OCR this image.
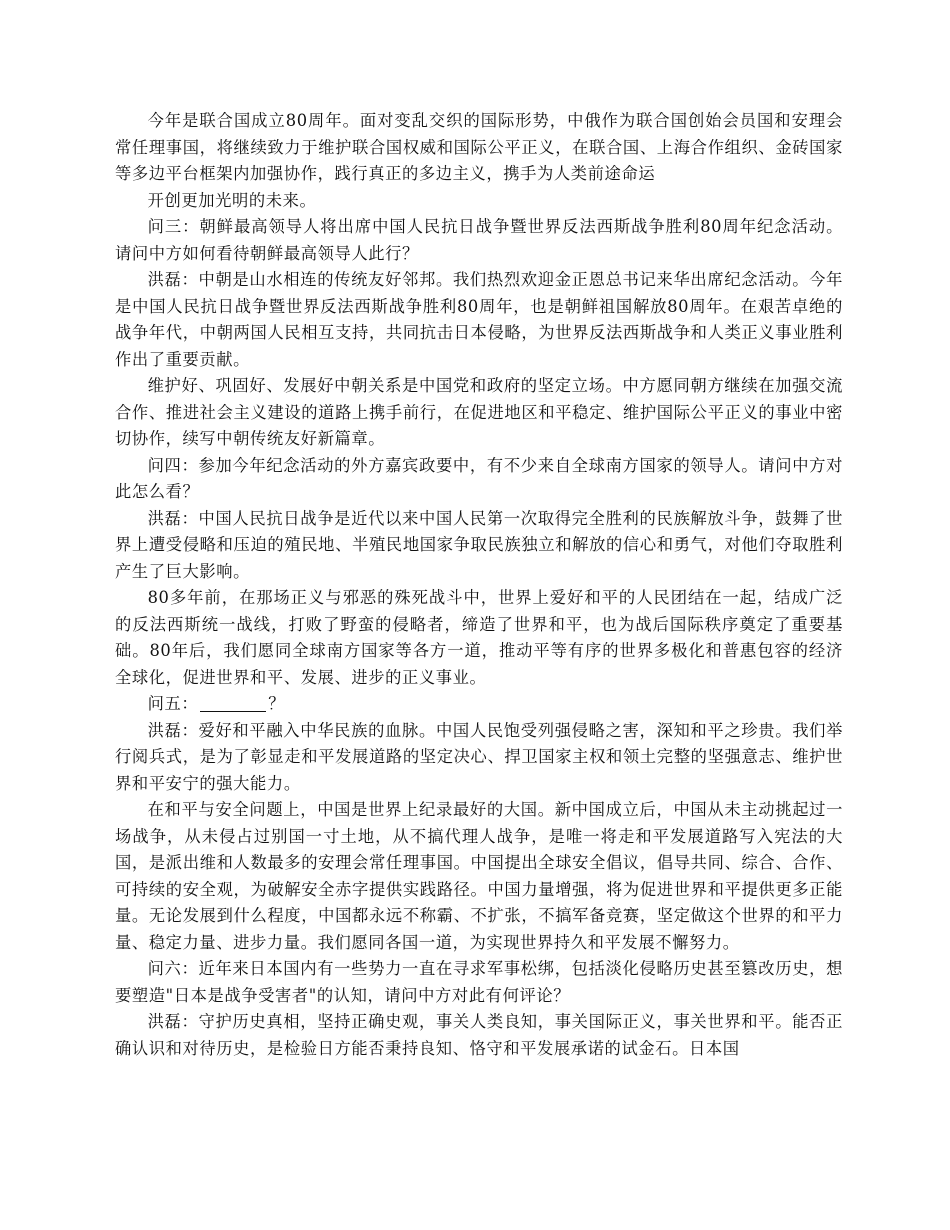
今年是联合国成立80周年。面对变乱交织的国际形势，中俄作为联合国创始会员国和安理会常任理事国，将继续致力于维护联合国权威和国际公平正义，在联合国、上海合作组织、金砖国家等多边平台框架内加强协作，践行真正的多边主义，携手为人类前途命运

开创更加光明的未来。

问三：朝鲜最高领导人将出席中国人民抗日战争暨世界反法西斯战争胜利80周年纪念活动。请问中方如何看待朝鲜最高领导人此行？

洪磊：中朝是山水相连的传统友好邻邦。我们热烈欢迎金正恩总书记来华出席纪念活动。今年是中国人民抗日战争暨世界反法西斯战争胜利80周年，也是朝鲜祖国解放80周年。在艰苦卓绝的战争年代，中朝两国人民相互支持，共同抗击日本侵略，为世界反法西斯战争和人类正义事业胜利作出了重要贡献。

维护好、巩固好、发展好中朝关系是中国党和政府的坚定立场。中方愿同朝方继续在加强交流合作、推进社会主义建设的道路上携手前行，在促进地区和平稳定、维护国际公平正义的事业中密切协作，续写中朝传统友好新篇章。

问四：参加今年纪念活动的外方嘉宾政要中，有不少来自全球南方国家的领导人。请问中方对此怎么看？

洪磊：中国人民抗日战争是近代以来中国人民第一次取得完全胜利的民族解放斗争，鼓舞了世界上遭受侵略和压迫的殖民地、半殖民地国家争取民族独立和解放的信心和勇气，对他们夺取胜利产生了巨大影响。

80多年前，在那场正义与邪恶的殊死战斗中，世界上爱好和平的人民团结在一起，结成广泛的反法西斯统一战线，打败了野蛮的侵略者，缔造了世界和平，也为战后国际秩序奠定了重要基础。80年后，我们愿同全球南方国家等各方一道，推动平等有序的世界多极化和普惠包容的经济全球化，促进世界和平、发展、进步的正义事业。

问五：	？

洪磊：爱好和平融入中华民族的血脉。中国人民饱受列强侵略之害，深知和平之珍贵。我们举行阅兵式，是为了彰显走和平发展道路的坚定决心、捍卫国家主权和领土完整的坚强意志、维护世界和平安宁的强大能力。

在和平与安全问题上，中国是世界上纪录最好的大国。新中国成立后，中国从未主动挑起过一场战争，从未侵占过别国一寸土地，从不搞代理人战争，是唯一将走和平发展道路写入宪法的大国，是派出维和人数最多的安理会常任理事国。中国提出全球安全倡议，倡导共同、综合、合作、可持续的安全观，为破解安全赤字提供实践路径。中国力量增强，将为促进世界和平提供更多正能量。无论发展到什么程度，中国都永远不称霸、不扩张，不搞军备竞赛，坚定做这个世界的和平力量、稳定力量、进步力量。我们愿同各国一道，为实现世界持久和平发展不懈努力。

问六：近年来日本国内有一些势力一直在寻求军事松绑，包括淡化侵略历史甚至篡改历史，想要塑造"日本是战争受害者"的认知，请问中方对此有何评论？

洪磊：守护历史真相，坚持正确史观，事关人类良知，事关国际正义，事关世界和平。能否正确认识和对待历史，是检验日方能否秉持良知、恪守和平发展承诺的试金石。日本国
